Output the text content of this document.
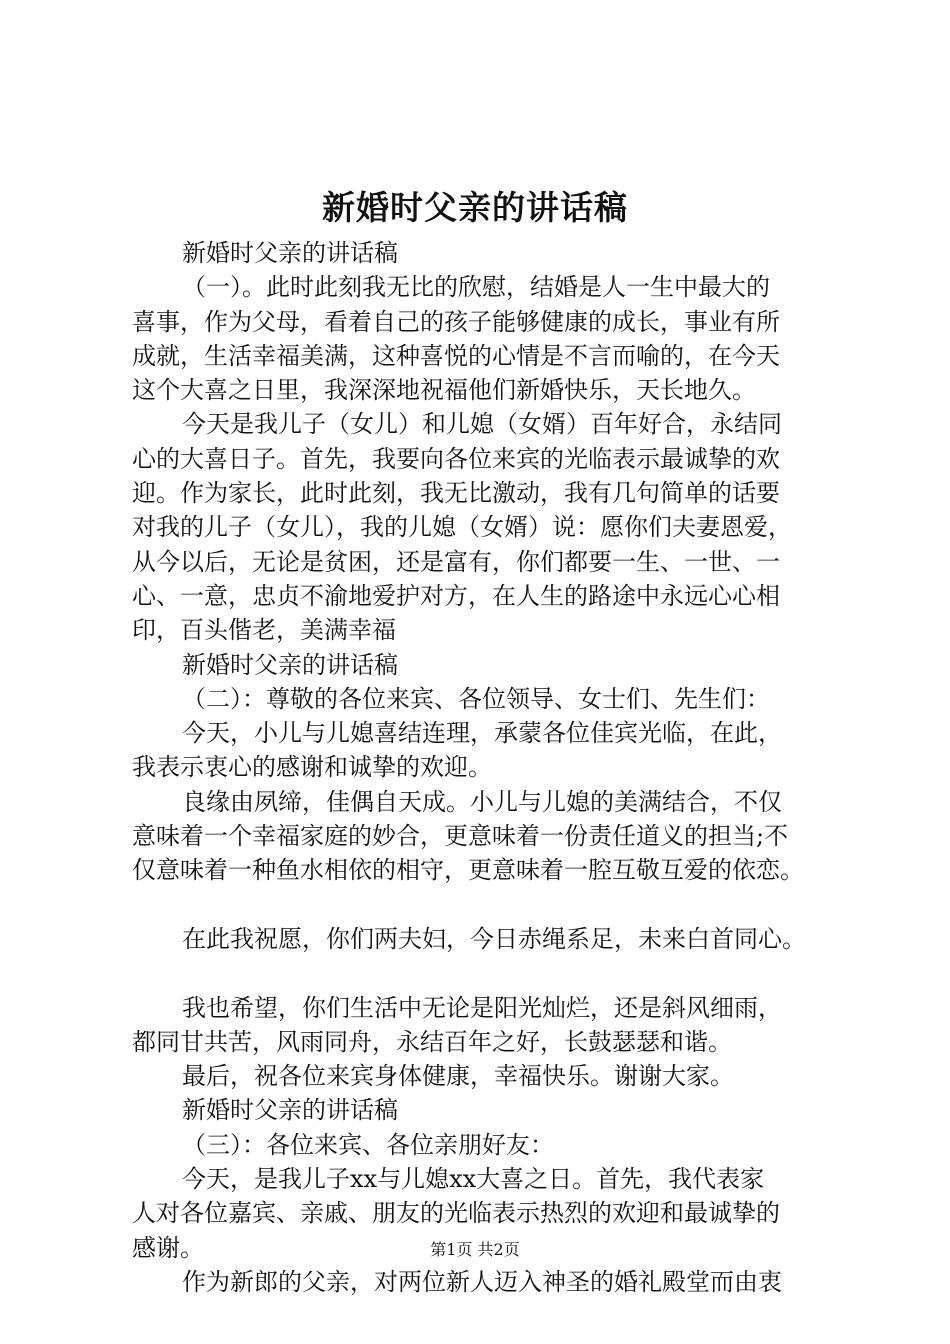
新婚时父亲的讲话稿
新婚时父亲的讲话稿
（一）。此时此刻我无比的欣慰，结婚是人一生中最大的
喜事，作为父母，看着自己的孩子能够健康的成长，事业有所
成就，生活幸福美满，这种喜悦的心情是不言而喻的，在今天
这个大喜之日里，我深深地祝福他们新婚快乐，天长地久。
今天是我儿子（女儿）和儿媳（女婿）百年好合，永结同
心的大喜日子。首先，我要向各位来宾的光临表示最诚挚的欢
迎。作为家长，此时此刻，我无比激动，我有几句简单的话要
对我的儿子（女儿），我的儿媳（女婿）说：愿你们夫妻恩爱，
从今以后，无论是贫困，还是富有，你们都要一生、一世、一
心、一意，忠贞不渝地爱护对方，在人生的路途中永远心心相
印，百头偕老，美满幸福
新婚时父亲的讲话稿
（二）：尊敬的各位来宾、各位领导、女士们、先生们：
今天，小儿与儿媳喜结连理，承蒙各位佳宾光临，在此，
我表示衷心的感谢和诚挚的欢迎。
良缘由夙缔，佳偶自天成。小儿与儿媳的美满结合，不仅
意味着一个幸福家庭的妙合，更意味着一份责任道义的担当;不
仅意味着一种鱼水相依的相守，更意味着一腔互敬互爱的依恋。
在此我祝愿，你们两夫妇，今日赤绳系足，未来白首同心。
我也希望，你们生活中无论是阳光灿烂，还是斜风细雨，
都同甘共苦，风雨同舟，永结百年之好，长鼓瑟瑟和谐。
最后，祝各位来宾身体健康，幸福快乐。谢谢大家。
新婚时父亲的讲话稿
（三）：各位来宾、各位亲朋好友：
今天，是我儿子xx与儿媳xx大喜之日。首先，我代表家
人对各位嘉宾、亲戚、朋友的光临表示热烈的欢迎和最诚挚的
感谢。
作为新郎的父亲，对两位新人迈入神圣的婚礼殿堂而由衷
第1页 共2页
